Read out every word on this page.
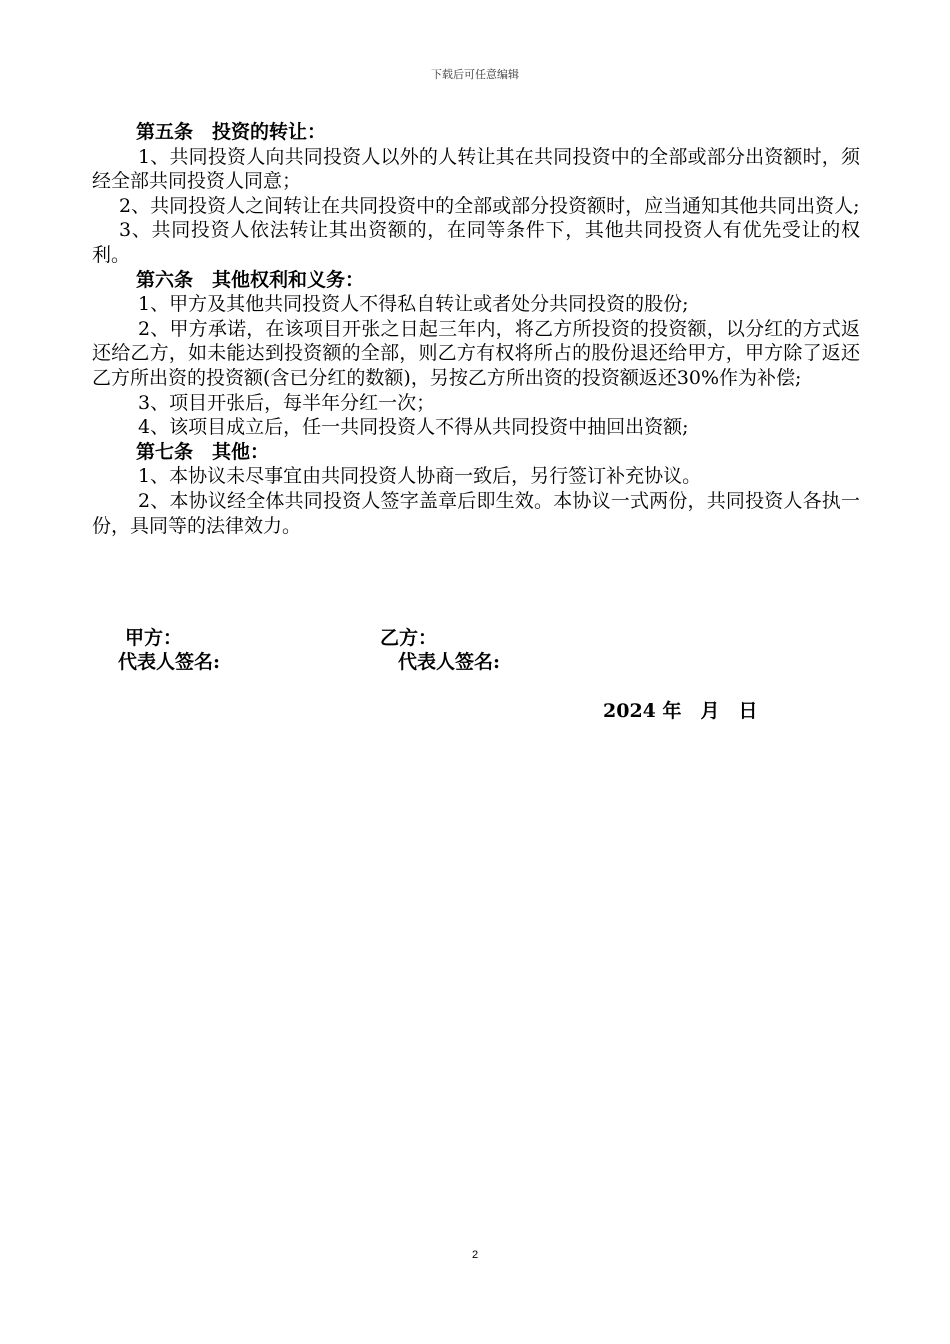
下载后可任意编辑

第五条　投资的转让：

1、共同投资人向共同投资人以外的人转让其在共同投资中的全部或部分出资额时，须经全部共同投资人同意；

2、共同投资人之间转让在共同投资中的全部或部分投资额时，应当通知其他共同出资人;

3、共同投资人依法转让其出资额的，在同等条件下，其他共同投资人有优先受让的权利。

第六条　其他权利和义务：

1、甲方及其他共同投资人不得私自转让或者处分共同投资的股份;

2、甲方承诺，在该项目开张之日起三年内，将乙方所投资的投资额，以分红的方式返还给乙方，如未能达到投资额的全部，则乙方有权将所占的股份退还给甲方，甲方除了返还乙方所出资的投资额(含已分红的数额)，另按乙方所出资的投资额返还30%作为补偿;

3、项目开张后，每半年分红一次；

4、该项目成立后，任一共同投资人不得从共同投资中抽回出资额;

第七条　其他：

1、本协议未尽事宜由共同投资人协商一致后，另行签订补充协议。

2、本协议经全体共同投资人签字盖章后即生效。本协议一式两份，共同投资人各执一份，具同等的法律效力。

甲方：	乙方：
代表人签名:	代表人签名:
2024 年　月　日
2
